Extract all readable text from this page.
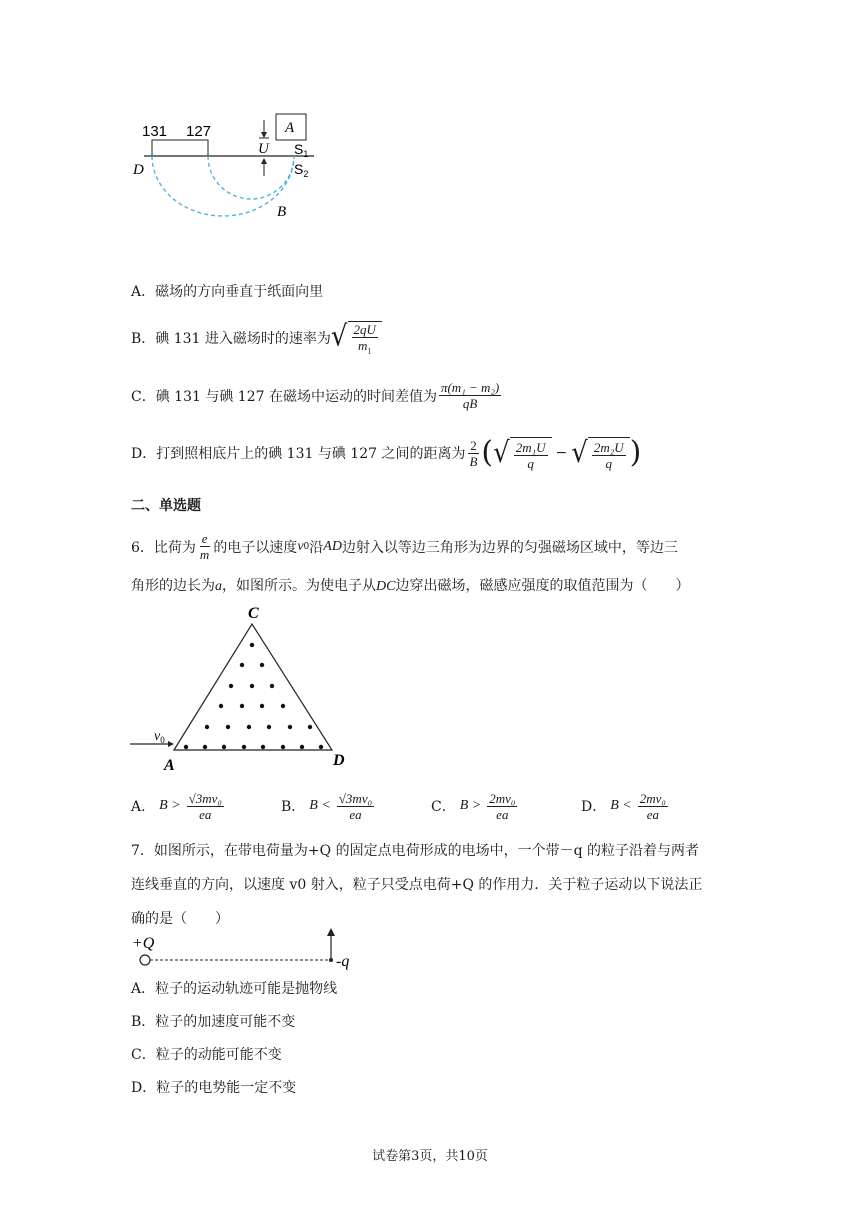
131 127	A
U $S_1$
$S_2$
D
B
A．磁场的方向垂直于纸面向里
B．碘 131 进入磁场时的速率为 √ $\frac{2qU}{m_1}$
C．碘 131 与碘 127 在磁场中运动的时间差值为 $\frac{\text{π(m₁ − m₂)}}{qB}$
D．打到照相底片上的碘 131 与碘 127 之间的距离为 $\frac{2}{B}$ ( √ $\frac{\text{2m₁U}}{q}$ − √ $\frac{\text{2m₂U}}{q}$ )
二、单选题
6．比荷为 $\frac{e}{m}$ 的电子以速度 v 0 沿 AD 边射入以等边三角形为边界的匀强磁场区域中，等边三
角形的边长为a，如图所示。为使电子从DC边穿出磁场，磁感应强度的取值范围为（　　）
C
A	D
$v_0$
A． $B > \frac{\text{√3mv₀}}{ea}$	B． $B < \frac{\text{√3mv₀}}{ea}$	C． $B > \frac{\text{2mv₀}}{ea}$	D． $B < \frac{\text{2mv₀}}{ea}$
7．如图所示，在带电荷量为+Q 的固定点电荷形成的电场中，一个带－q 的粒子沿着与两者
连线垂直的方向，以速度 v0 射入，粒子只受点电荷+Q 的作用力．关于粒子运动以下说法正
确的是（　　）
+Q
-q
A．粒子的运动轨迹可能是抛物线
B．粒子的加速度可能不变
C．粒子的动能可能不变
D．粒子的电势能一定不变
试卷第3页，共10页
